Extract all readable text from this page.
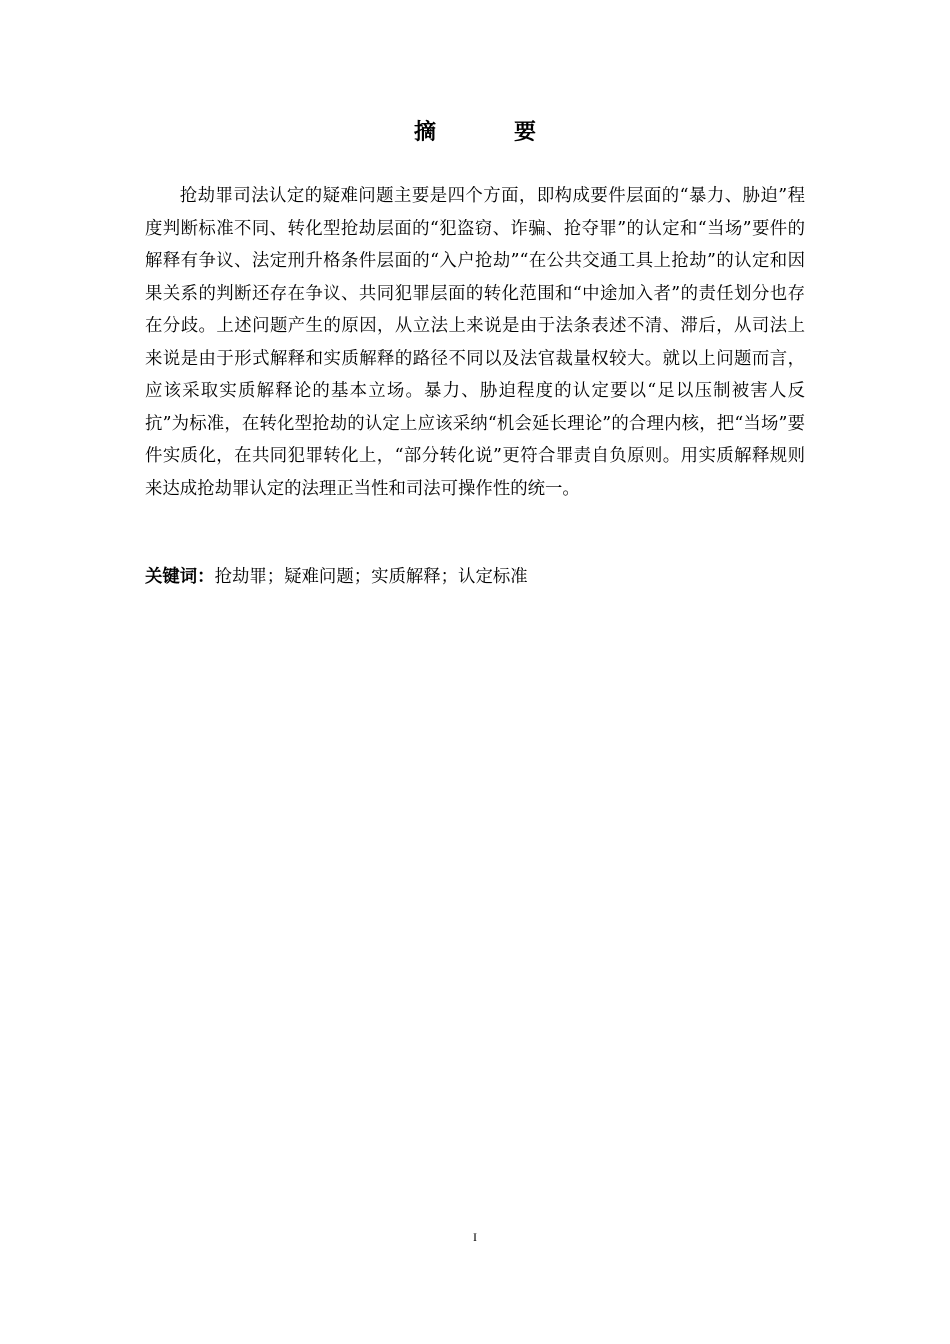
摘 要

抢劫罪司法认定的疑难问题主要是四个方面，即构成要件层面的“暴力、胁迫”程度判断标准不同、转化型抢劫层面的“犯盗窃、诈骗、抢夺罪”的认定和“当场”要件的解释有争议、法定刑升格条件层面的“入户抢劫”“在公共交通工具上抢劫”的认定和因果关系的判断还存在争议、共同犯罪层面的转化范围和“中途加入者”的责任划分也存在分歧。上述问题产生的原因，从立法上来说是由于法条表述不清、滞后，从司法上来说是由于形式解释和实质解释的路径不同以及法官裁量权较大。就以上问题而言，应该采取实质解释论的基本立场。暴力、胁迫程度的认定要以“足以压制被害人反抗”为标准，在转化型抢劫的认定上应该采纳“机会延长理论”的合理内核，把“当场”要件实质化，在共同犯罪转化上，“部分转化说”更符合罪责自负原则。用实质解释规则来达成抢劫罪认定的法理正当性和司法可操作性的统一。

关键词：抢劫罪；疑难问题；实质解释；认定标准

I
